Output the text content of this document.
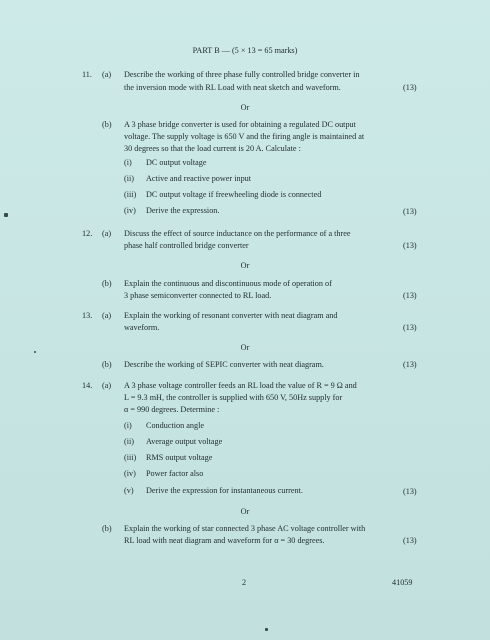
PART B — (5 × 13 = 65 marks)
11. (a) Describe the working of three phase fully controlled bridge converter in
the inversion mode with RL Load with neat sketch and waveform.	(13)
Or
(b) A 3 phase bridge converter is used for obtaining a regulated DC output
voltage. The supply voltage is 650 V and the firing angle is maintained at
30 degrees so that the load current is 20 A. Calculate :
(i) DC output voltage
(ii) Active and reactive power input
(iii) DC output voltage if freewheeling diode is connected
(iv) Derive the expression.	(13)
12. (a) Discuss the effect of source inductance on the performance of a three
phase half controlled bridge converter	(13)
Or
(b) Explain the continuous and discontinuous mode of operation of
3 phase semiconverter connected to RL load.	(13)
13. (a) Explain the working of resonant converter with neat diagram and
waveform.	(13)
Or
(b) Describe the working of SEPIC converter with neat diagram.	(13)
14. (a) A 3 phase voltage controller feeds an RL load the value of R = 9 Ω and
L = 9.3 mH, the controller is supplied with 650 V, 50Hz supply for
α = 990 degrees. Determine :
(i) Conduction angle
(ii) Average output voltage
(iii) RMS output voltage
(iv) Power factor also
(v) Derive the expression for instantaneous current.	(13)
Or
(b) Explain the working of star connected 3 phase AC voltage controller with
RL load with neat diagram and waveform for α = 30 degrees.	(13)
2	41059
